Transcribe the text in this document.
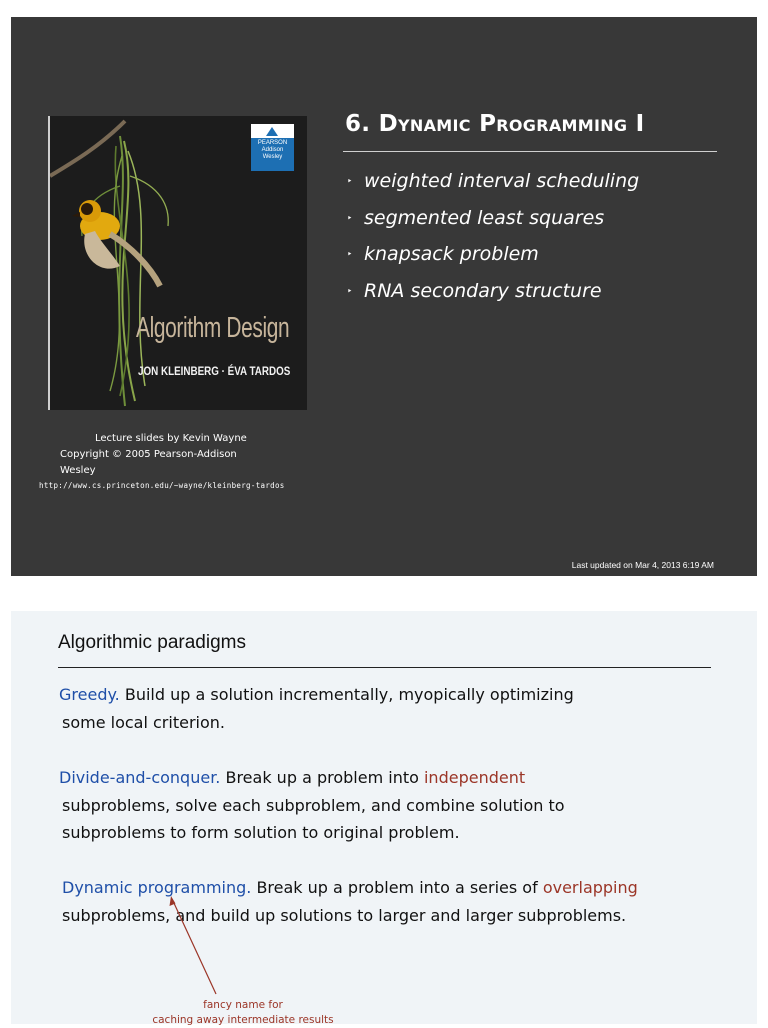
PEARSON
Addison
Wesley
Algorithm Design
JON KLEINBERG · ÉVA TARDOS
Lecture slides by Kevin Wayne
Copyright © 2005 Pearson-Addison
Wesley
http://www.cs.princeton.edu/~wayne/kleinberg-tardos
6. Dynamic Programming I
‣ weighted interval scheduling
‣ segmented least squares
‣ knapsack problem
‣ RNA secondary structure
Last updated on Mar 4, 2013 6:19 AM
Algorithmic paradigms
Greedy. Build up a solution incrementally, myopically optimizing
some local criterion.
Divide-and-conquer. Break up a problem into independent
subproblems, solve each subproblem, and combine solution to
subproblems to form solution to original problem.
Dynamic programming. Break up a problem into a series of overlapping
subproblems, and build up solutions to larger and larger subproblems.
fancy name for
caching away intermediate results
